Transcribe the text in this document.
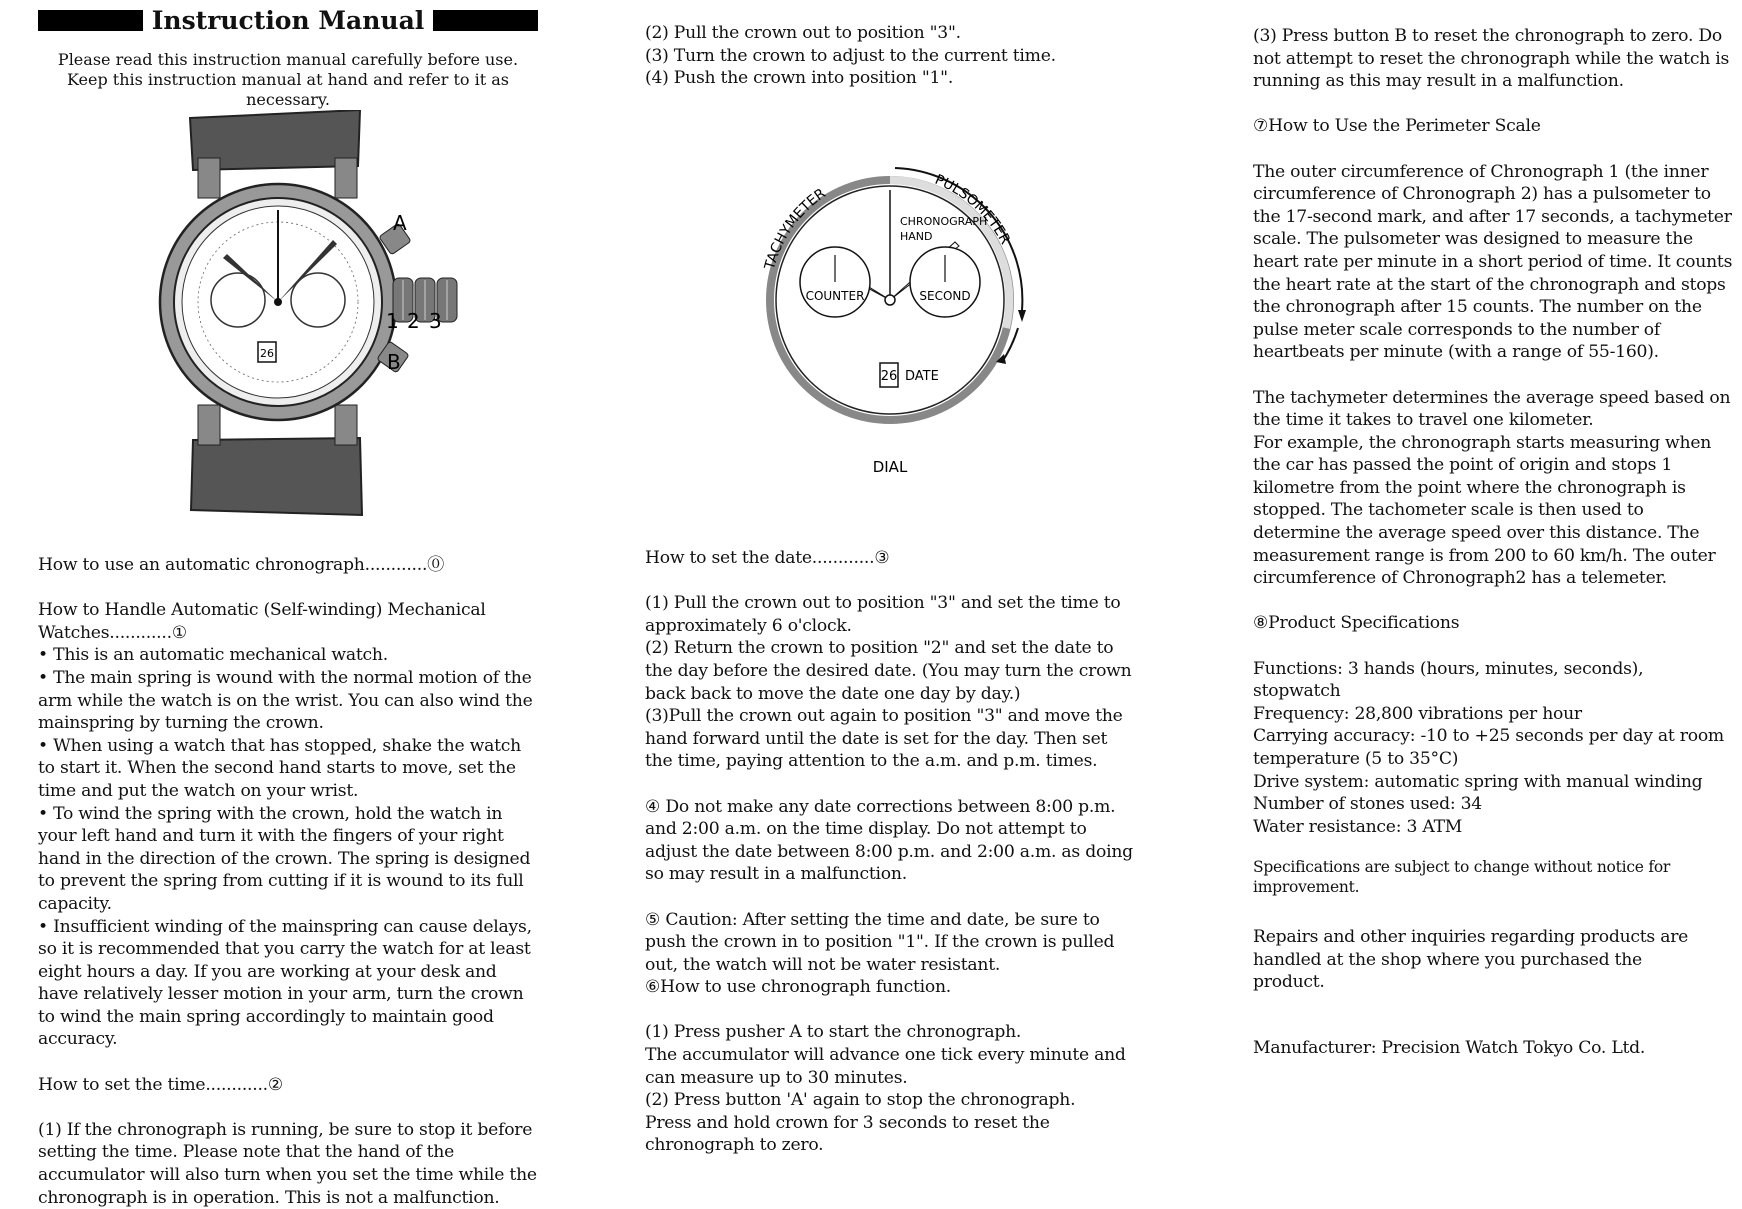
Instruction Manual
Please read this instruction manual carefully before use. Keep this instruction manual at hand and refer to it as necessary.
26
A
B
1 2 3

How to use an automatic chronograph............⓪

How to Handle Automatic (Self-winding) Mechanical Watches............①

• This is an automatic mechanical watch.

• The main spring is wound with the normal motion of the arm while the watch is on the wrist. You can also wind the mainspring by turning the crown.

• When using a watch that has stopped, shake the watch to start it. When the second hand starts to move, set the time and put the watch on your wrist.

• To wind the spring with the crown, hold the watch in your left hand and turn it with the fingers of your right hand in the direction of the crown. The spring is designed to prevent the spring from cutting if it is wound to its full capacity.

• Insufficient winding of the mainspring can cause delays, so it is recommended that you carry the watch for at least eight hours a day. If you are working at your desk and have relatively lesser motion in your arm, turn the crown to wind the main spring accordingly to maintain good accuracy.

How to set the time............②

(1) If the chronograph is running, be sure to stop it before setting the time. Please note that the hand of the accumulator will also turn when you set the time while the chronograph is in operation. This is not a malfunction.

(2) Pull the crown out to position "3".

(3) Turn the crown to adjust to the current time.

(4) Push the crown into position "1".

TACHYMETER
PULSOMETER
CHRONOGRAPH
HAND
COUNTER	SECOND
26 DATE
DIAL

How to set the date............③

(1) Pull the crown out to position "3" and set the time to approximately 6 o'clock.

(2) Return the crown to position "2" and set the date to the day before the desired date. (You may turn the crown back back to move the date one day by day.)

(3)Pull the crown out again to position "3" and move the hand forward until the date is set for the day. Then set the time, paying attention to the a.m. and p.m. times.

④ Do not make any date corrections between 8:00 p.m. and 2:00 a.m. on the time display. Do not attempt to adjust the date between 8:00 p.m. and 2:00 a.m. as doing so may result in a malfunction.

⑤ Caution: After setting the time and date, be sure to push the crown in to position "1". If the crown is pulled out, the watch will not be water resistant.

⑥How to use chronograph function.

(1) Press pusher A to start the chronograph.

The accumulator will advance one tick every minute and can measure up to 30 minutes.

(2) Press button 'A' again to stop the chronograph.

Press and hold crown for 3 seconds to reset the chronograph to zero.

(3) Press button B to reset the chronograph to zero. Do not attempt to reset the chronograph while the watch is running as this may result in a malfunction.

⑦How to Use the Perimeter Scale

The outer circumference of Chronograph 1 (the inner circumference of Chronograph 2) has a pulsometer to the 17-second mark, and after 17 seconds, a tachymeter scale. The pulsometer was designed to measure the heart rate per minute in a short period of time. It counts the heart rate at the start of the chronograph and stops the chronograph after 15 counts. The number on the pulse meter scale corresponds to the number of heartbeats per minute (with a range of 55-160).

The tachymeter determines the average speed based on the time it takes to travel one kilometer.

For example, the chronograph starts measuring when the car has passed the point of origin and stops 1 kilometre from the point where the chronograph is stopped. The tachometer scale is then used to determine the average speed over this distance. The measurement range is from 200 to 60 km/h. The outer circumference of Chronograph2 has a telemeter.

⑧Product Specifications

Functions: 3 hands (hours, minutes, seconds), stopwatch

Frequency: 28,800 vibrations per hour

Carrying accuracy: -10 to +25 seconds per day at room temperature (5 to 35°C)

Drive system: automatic spring with manual winding

Number of stones used: 34

Water resistance: 3 ATM

Specifications are subject to change without notice for improvement.

Repairs and other inquiries regarding products are handled at the shop where you purchased the product.

Manufacturer: Precision Watch Tokyo Co. Ltd.
